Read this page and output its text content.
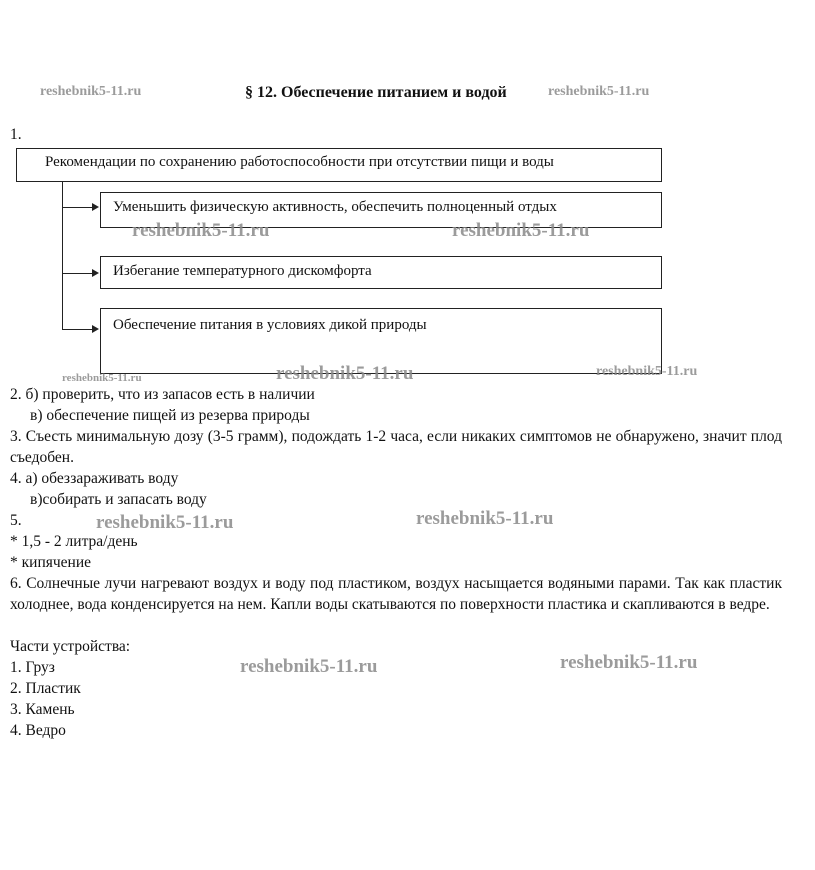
§ 12. Обеспечение питанием и водой
reshebnik5-11.ru	reshebnik5-11.ru
1.
Рекомендации по сохранению работоспособности при отсутствии пищи и воды
Уменьшить физическую активность, обеспечить полноценный отдых
Избегание температурного дискомфорта
Обеспечение питания в условиях дикой природы
reshebnik5-11.ru	reshebnik5-11.ru
reshebnik5-11.ru	reshebnik5-11.ru	reshebnik5-11.ru
2. б) проверить, что из запасов есть в наличии
в) обеспечение пищей из резерва природы
3. Съесть минимальную дозу (3-5 грамм), подождать 1-2 часа, если никаких симптомов не обнаружено, значит плод съедобен.
4. а) обеззараживать воду
в)собирать и запасать воду
5.	reshebnik5-11.ru	reshebnik5-11.ru
* 1,5 - 2 литра/день
* кипячение
6. Солнечные лучи нагревают воздух и воду под пластиком, воздух насыщается водяными парами. Так как пластик холоднее, вода конденсируется на нем. Капли воды скатываются по поверхности пластика и скапливаются в ведре.
Части устройства:
1. Груз
2. Пластик
3. Камень
4. Ведро
reshebnik5-11.ru	reshebnik5-11.ru
